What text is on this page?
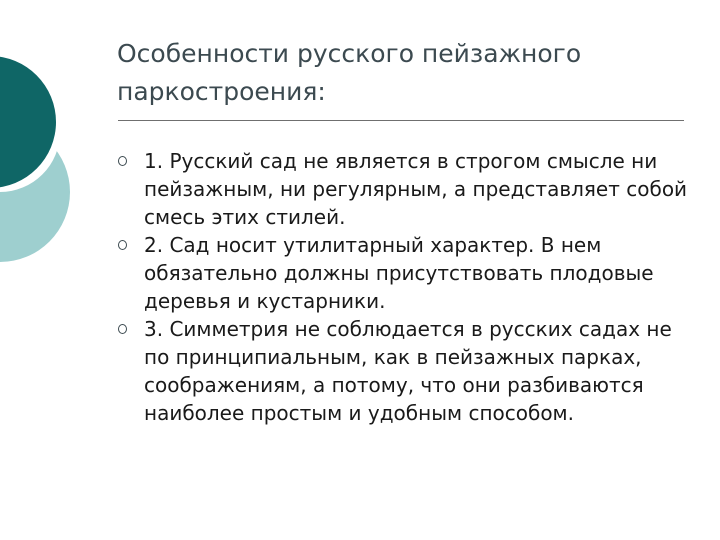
Особенности русского пейзажного
паркостроения:
1. Русский сад не является в строгом смысле ни пейзажным, ни регулярным, а представляет собой смесь этих стилей.
2. Сад носит утилитарный характер. В нем обязательно должны присутствовать плодовые деревья и кустарники.
3. Симметрия не соблюдается в русских садах не по принципиальным, как в пейзажных парках, соображениям, а потому, что они разбиваются наиболее простым и удобным способом.
